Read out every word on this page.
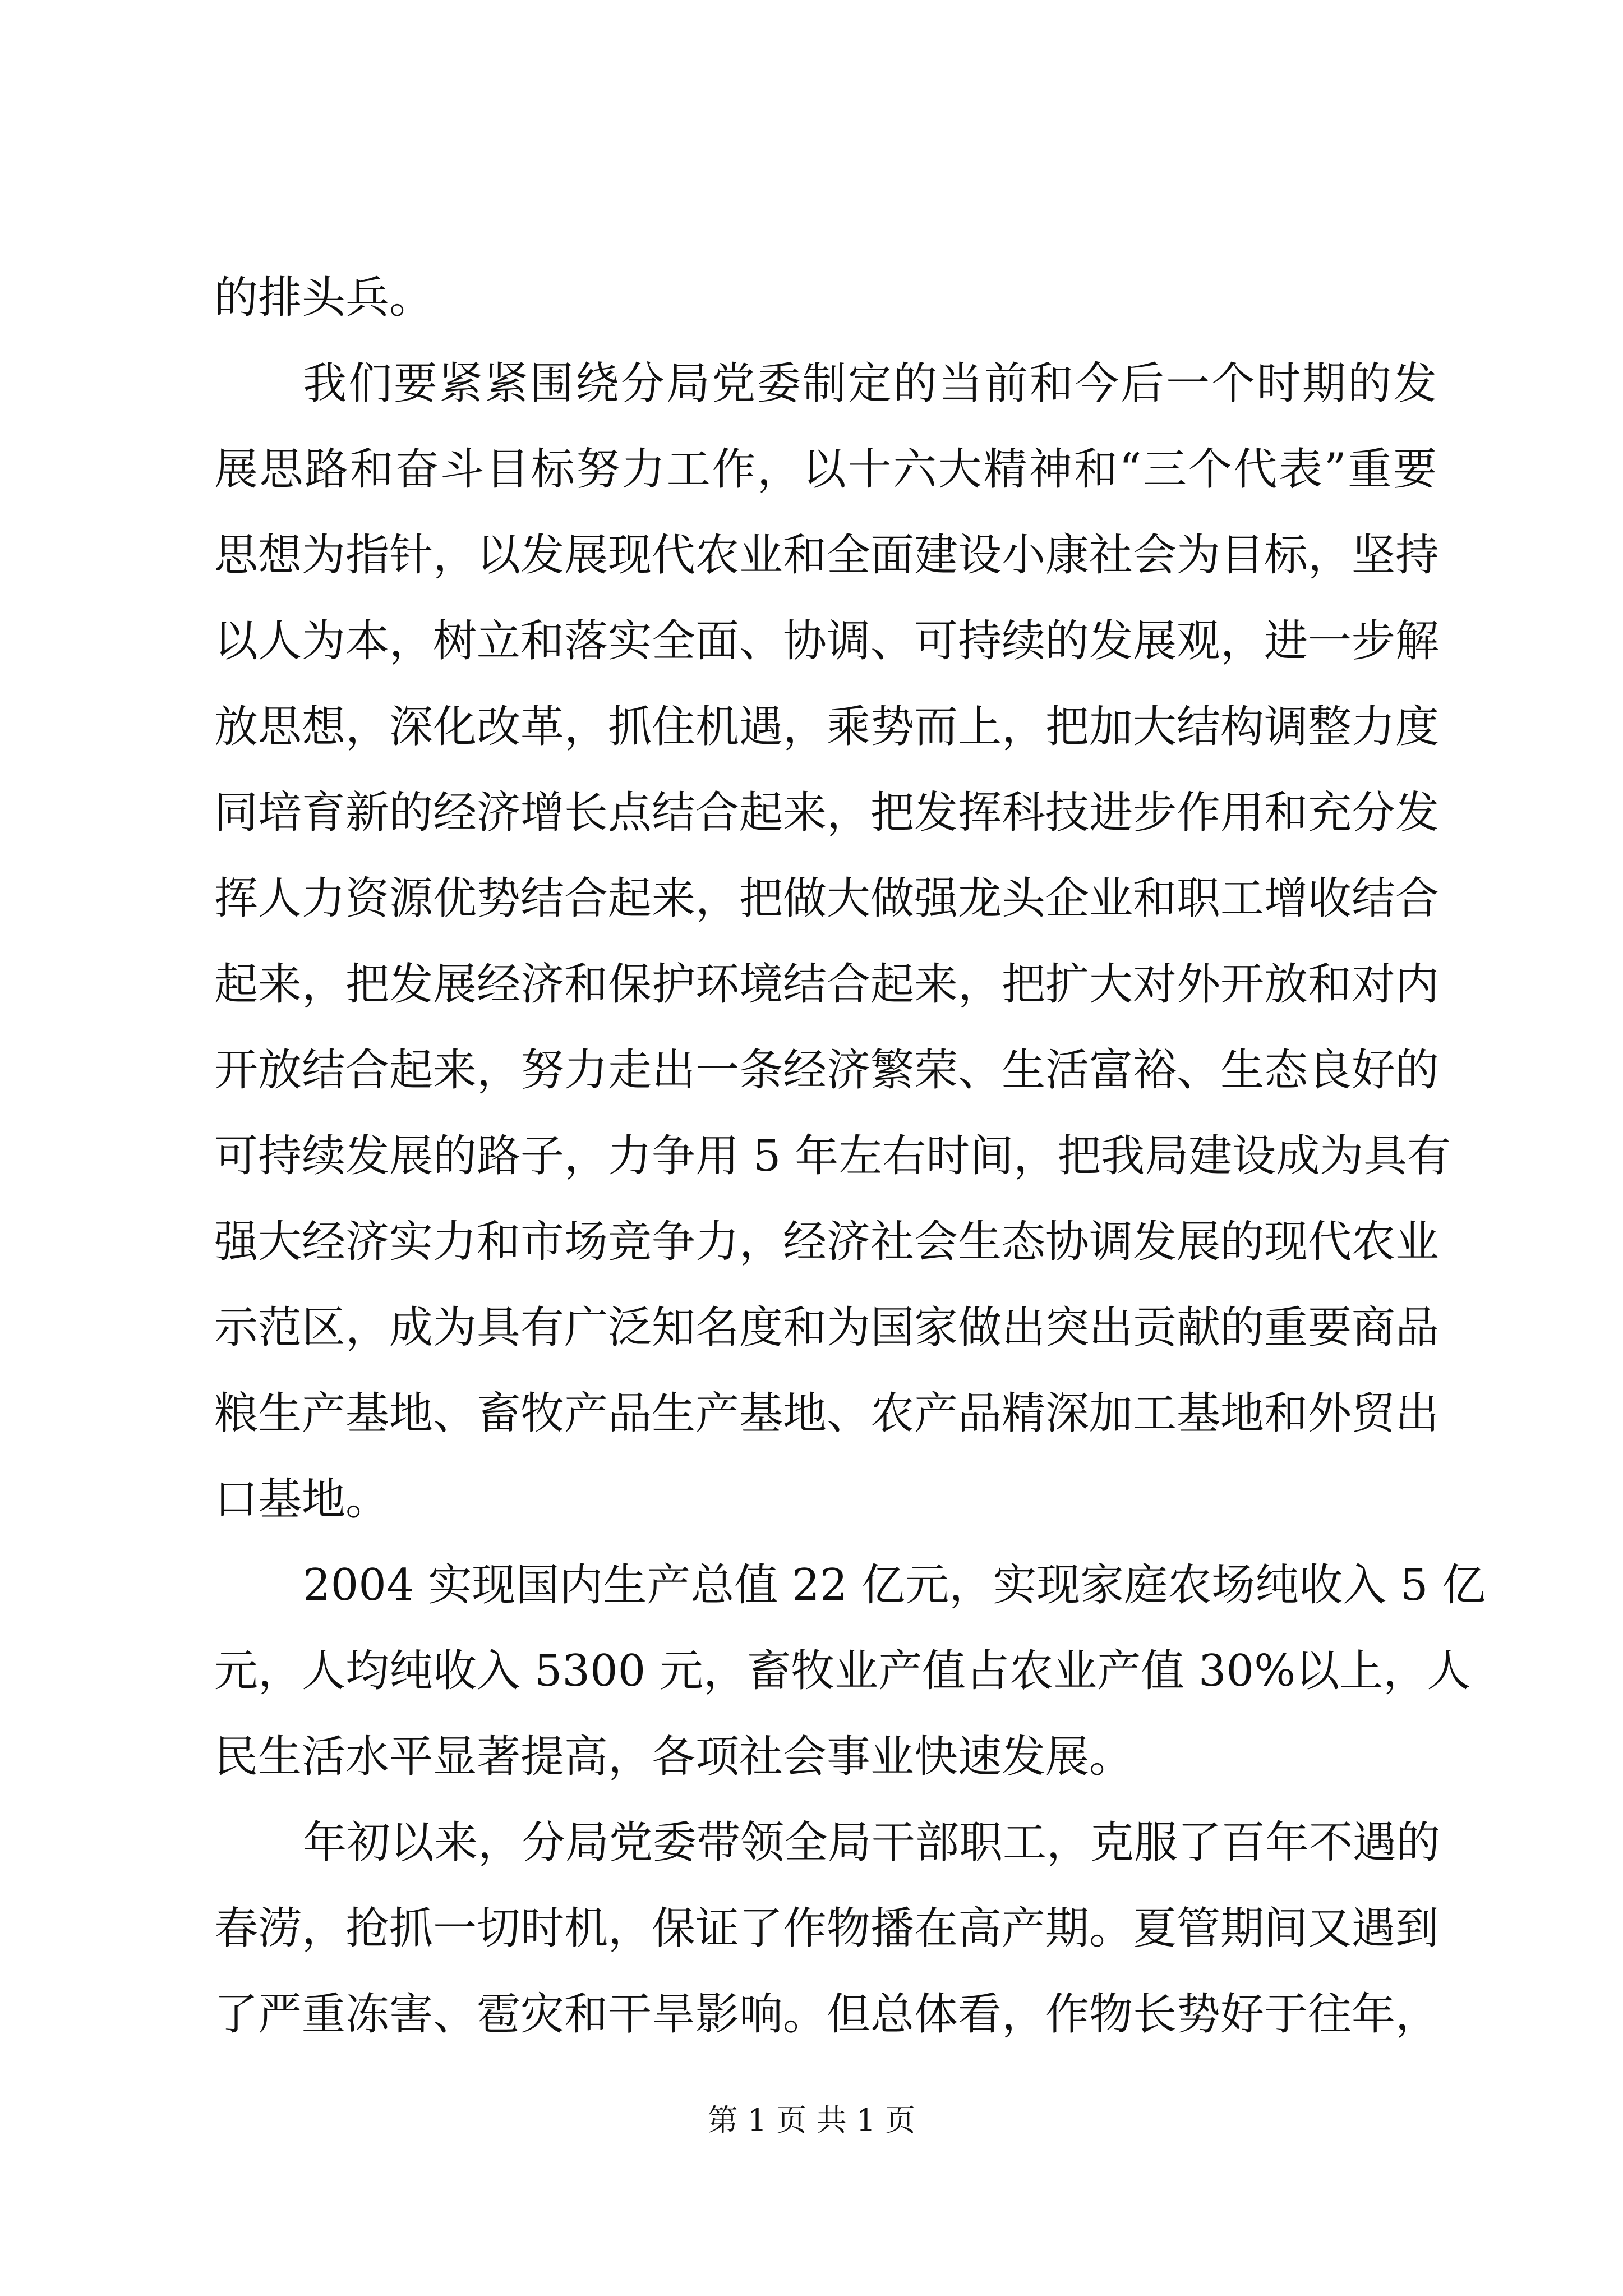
的排头兵。
我们要紧紧围绕分局党委制定的当前和今后一个时期的发
展思路和奋斗目标努力工作，以十六大精神和“三个代表”重要
思想为指针，以发展现代农业和全面建设小康社会为目标，坚持
以人为本，树立和落实全面、协调、可持续的发展观，进一步解
放思想，深化改革，抓住机遇，乘势而上，把加大结构调整力度
同培育新的经济增长点结合起来，把发挥科技进步作用和充分发
挥人力资源优势结合起来，把做大做强龙头企业和职工增收结合
起来，把发展经济和保护环境结合起来，把扩大对外开放和对内
开放结合起来，努力走出一条经济繁荣、生活富裕、生态良好的
可持续发展的路子，力争用 5 年左右时间，把我局建设成为具有
强大经济实力和市场竞争力，经济社会生态协调发展的现代农业
示范区，成为具有广泛知名度和为国家做出突出贡献的重要商品
粮生产基地、畜牧产品生产基地、农产品精深加工基地和外贸出
口基地。
2004 实现国内生产总值 22 亿元，实现家庭农场纯收入 5 亿
元，人均纯收入 5300 元，畜牧业产值占农业产值 30%以上，人
民生活水平显著提高，各项社会事业快速发展。
年初以来，分局党委带领全局干部职工，克服了百年不遇的
春涝，抢抓一切时机，保证了作物播在高产期。夏管期间又遇到
了严重冻害、雹灾和干旱影响。但总体看，作物长势好于往年，
第 1 页 共 1 页
